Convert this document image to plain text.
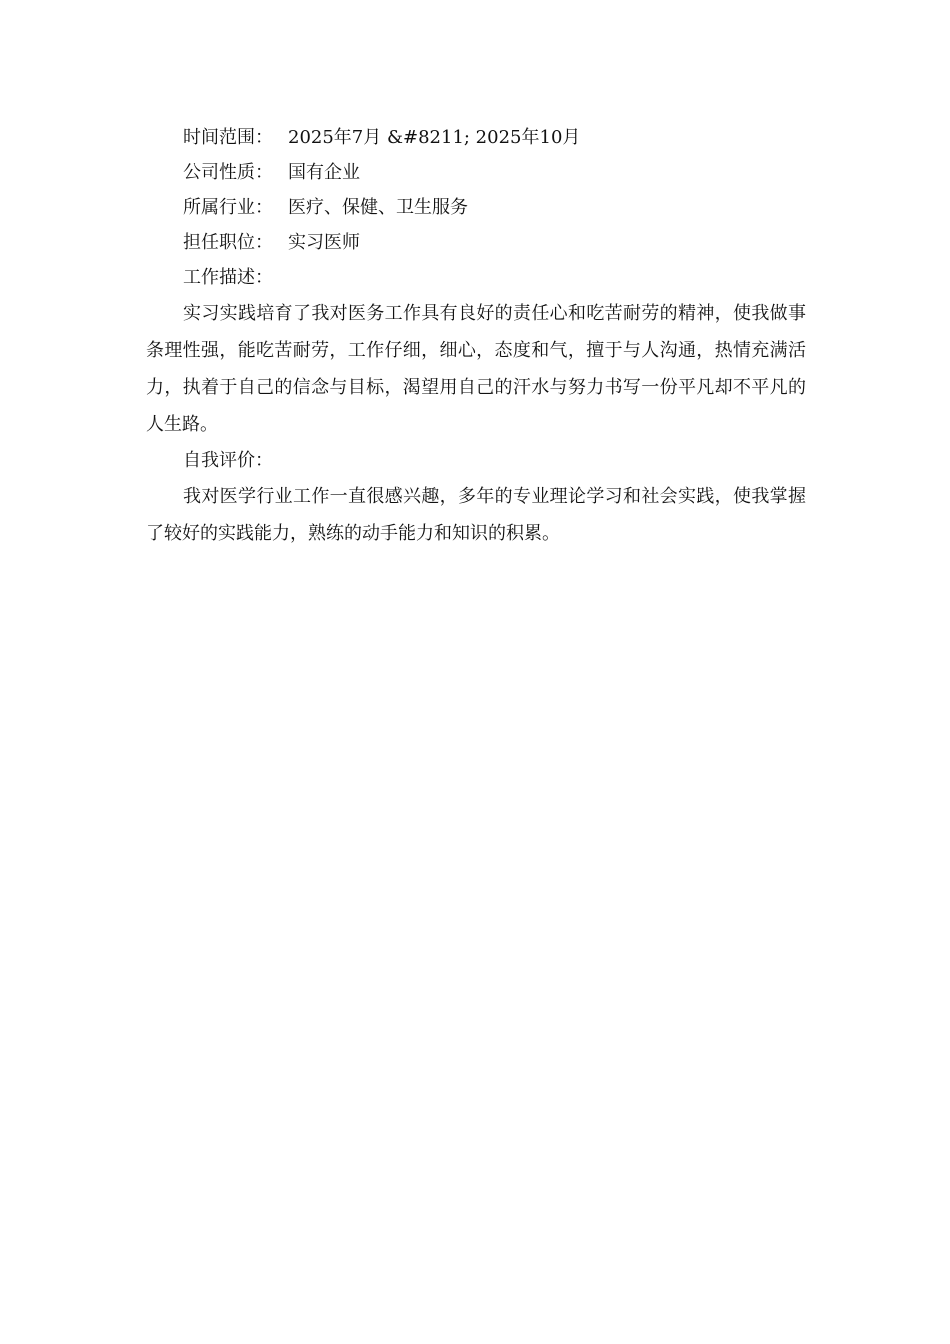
时间范围： 2025年7月 &#8211; 2025年10月
公司性质： 国有企业
所属行业： 医疗、保健、卫生服务
担任职位： 实习医师
工作描述：

实习实践培育了我对医务工作具有良好的责任心和吃苦耐劳的精神，使我做事条理性强，能吃苦耐劳，工作仔细，细心，态度和气，擅于与人沟通，热情充满活力，执着于自己的信念与目标，渴望用自己的汗水与努力书写一份平凡却不平凡的人生路。

自我评价：

我对医学行业工作一直很感兴趣，多年的专业理论学习和社会实践，使我掌握了较好的实践能力，熟练的动手能力和知识的积累。
